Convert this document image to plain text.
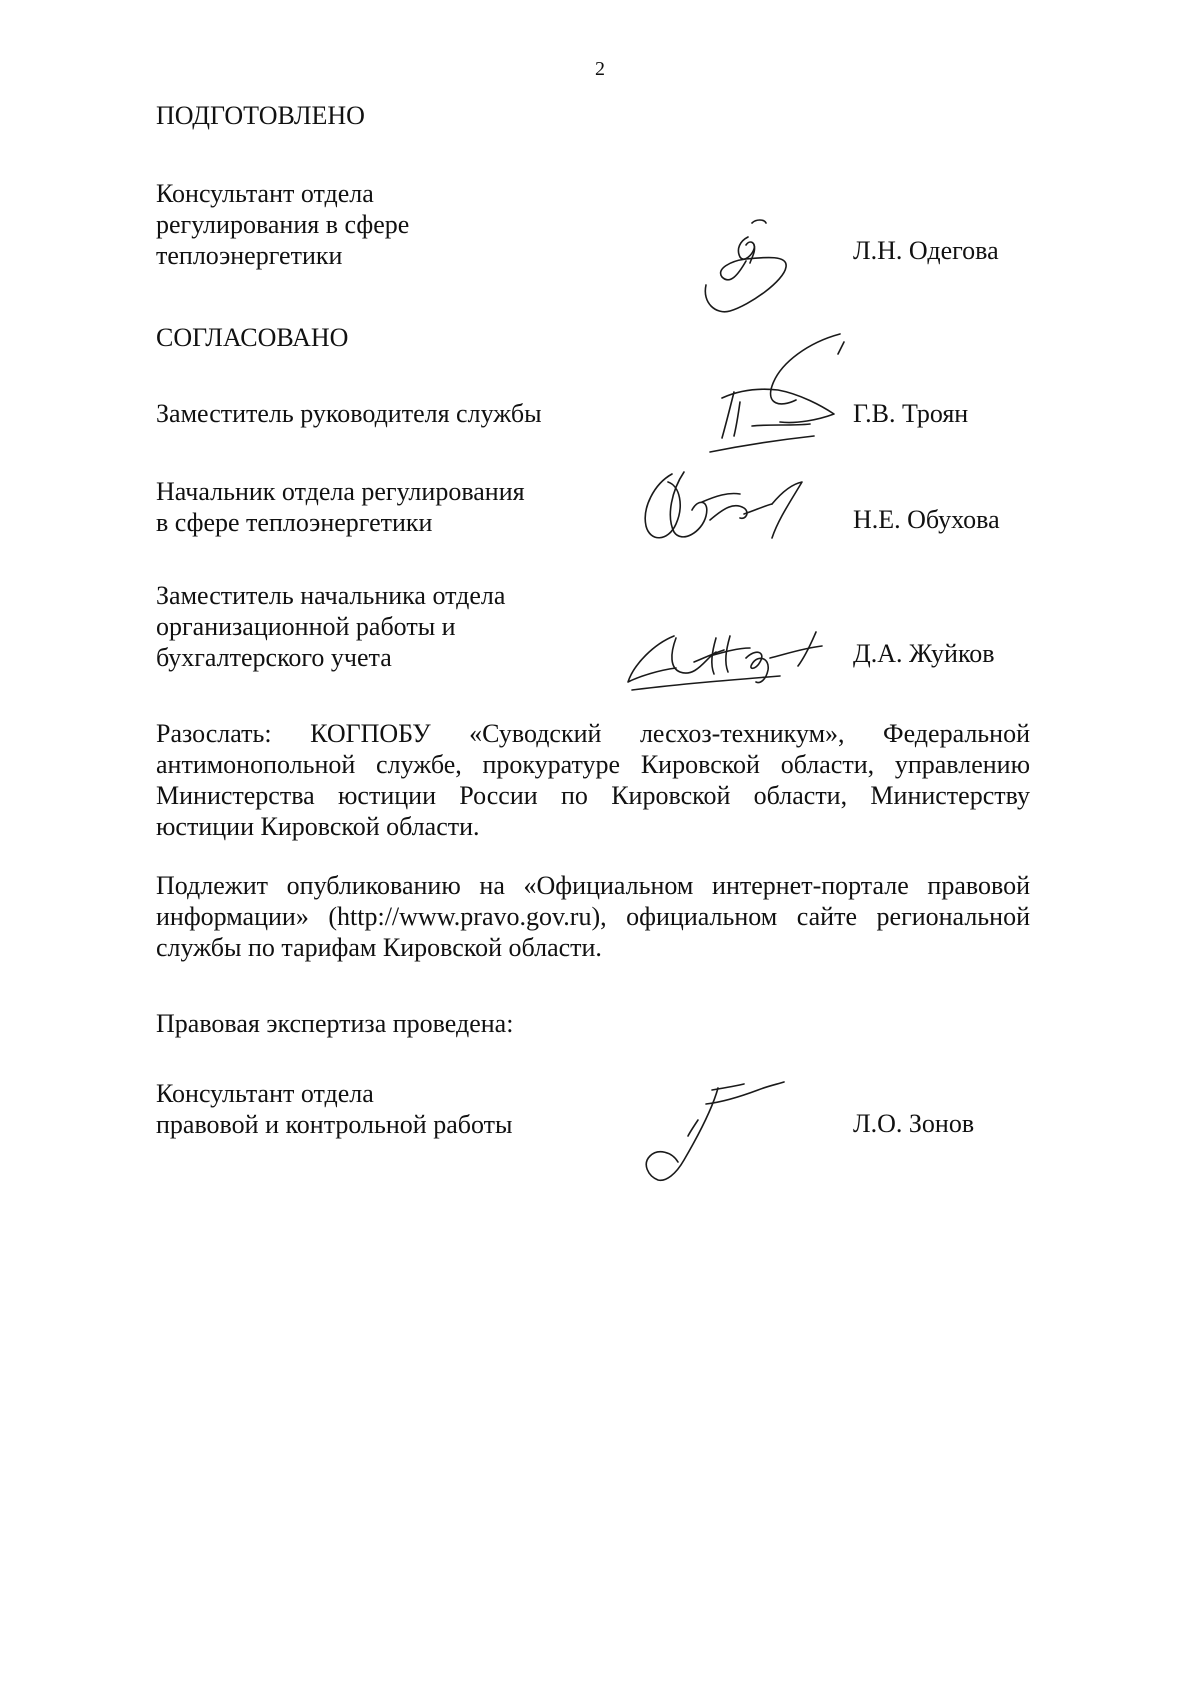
2
ПОДГОТОВЛЕНО
Консультант отдела
регулирования в сфере
теплоэнергетики	Л.Н. Одегова
СОГЛАСОВАНО
Заместитель руководителя службы	Г.В. Троян
Начальник отдела регулирования
в сфере теплоэнергетики	Н.Е. Обухова
Заместитель начальника отдела
организационной работы и
бухгалтерского учета	Д.А. Жуйков
Разослать: КОГПОБУ «Суводский лесхоз-техникум», Федеральной
антимонопольной службе, прокуратуре Кировской области, управлению
Министерства юстиции России по Кировской области, Министерству
юстиции Кировской области.
Подлежит опубликованию на «Официальном интернет-портале правовой
информации» (http://www.pravo.gov.ru), официальном сайте региональной
службы по тарифам Кировской области.
Правовая экспертиза проведена:
Консультант отдела
правовой и контрольной работы	Л.О. Зонов
